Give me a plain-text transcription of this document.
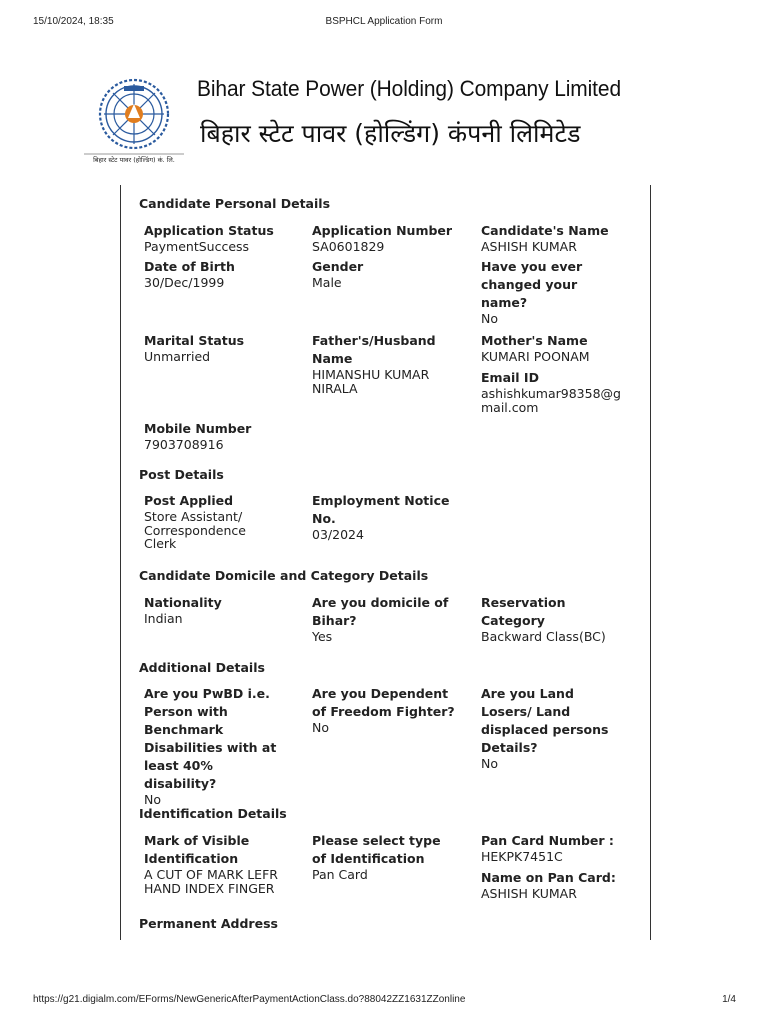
15/10/2024, 18:35	BSPHCL Application Form
बिहार स्टेट पावर (होल्डिंग) कं. लि.
Bihar State Power (Holding) Company Limited
बिहार स्टेट पावर (होल्डिंग) कंपनी लिमिटेड
Candidate Personal Details
Application Status
PaymentSuccess
Application Number
SA0601829
Candidate's Name
ASHISH KUMAR
Date of Birth
30/Dec/1999
Gender
Male
Have you ever changed your name?
No
Marital Status
Unmarried
Father's/Husband Name
HIMANSHU KUMAR NIRALA
Mother's Name
KUMARI POONAM
Email ID
ashishkumar98358@gmail.com
Mobile Number
7903708916
Post Details
Post Applied
Store Assistant/ Correspondence Clerk
Employment Notice No.
03/2024
Candidate Domicile and Category Details
Nationality
Indian
Are you domicile of Bihar?
Yes
Reservation Category
Backward Class(BC)
Additional Details
Are you PwBD i.e. Person with Benchmark Disabilities with at least 40% disability?
No
Are you Dependent of Freedom Fighter?
No
Are you Land Losers/ Land displaced persons Details?
No
Identification Details
Mark of Visible Identification
A CUT OF MARK LEFR HAND INDEX FINGER
Please select type of Identification
Pan Card
Pan Card Number :
HEKPK7451C
Name on Pan Card:
ASHISH KUMAR
Permanent Address
https://g21.digialm.com/EForms/NewGenericAfterPaymentActionClass.do?88042ZZ1631ZZonline	1/4
